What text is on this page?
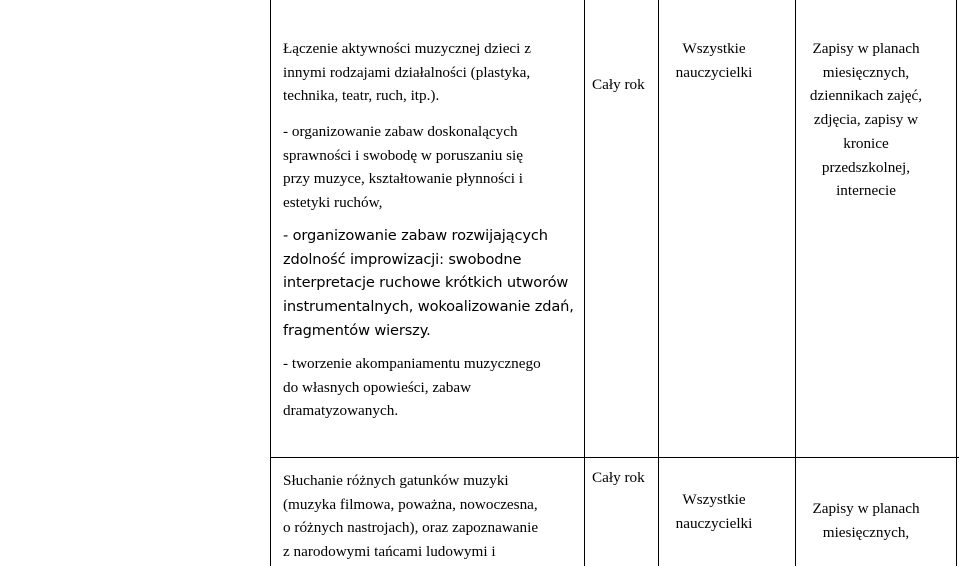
Łączenie aktywności muzycznej dzieci z
innymi rodzajami działalności (plastyka,
technika, teatr, ruch, itp.).
- organizowanie zabaw doskonalących
sprawności i swobodę w poruszaniu się
przy muzyce, kształtowanie płynności i
estetyki ruchów,
- organizowanie zabaw rozwijających
zdolność improwizacji: swobodne
interpretacje ruchowe krótkich utworów
instrumentalnych, wokoalizowanie zdań,
fragmentów wierszy.
- tworzenie akompaniamentu muzycznego
do własnych opowieści, zabaw
dramatyzowanych.
Cały rok
Wszystkie
nauczycielki
Zapisy w planach
miesięcznych,
dziennikach zajęć,
zdjęcia, zapisy w
kronice
przedszkolnej,
internecie
Słuchanie różnych gatunków muzyki
(muzyka filmowa, poważna, nowoczesna,
o różnych nastrojach), oraz zapoznawanie
z narodowymi tańcami ludowymi i
Cały rok
Wszystkie
nauczycielki
Zapisy w planach
miesięcznych,
